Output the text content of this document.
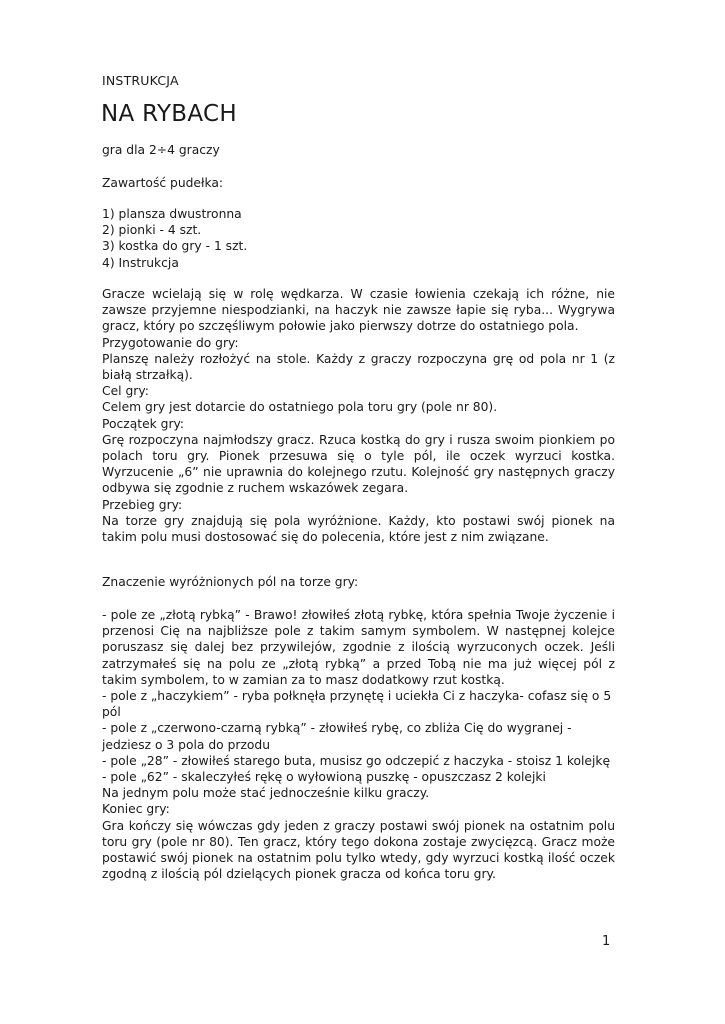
INSTRUKCJA
NA RYBACH
gra dla 2÷4 graczy
Zawartość pudełka:
1) plansza dwustronna
2) pionki - 4 szt.
3) kostka do gry - 1 szt.
4) Instrukcja

Gracze wcielają się w rolę wędkarza. W czasie łowienia czekają ich różne, nie zawsze przyjemne niespodzianki, na haczyk nie zawsze łapie się ryba... Wygrywa gracz, który po szczęśliwym połowie jako pierwszy dotrze do ostatniego pola.

Przygotowanie do gry:

Planszę należy rozłożyć na stole. Każdy z graczy rozpoczyna grę od pola nr 1 (z białą strzałką).

Cel gry:

Celem gry jest dotarcie do ostatniego pola toru gry (pole nr 80).

Początek gry:

Grę rozpoczyna najmłodszy gracz. Rzuca kostką do gry i rusza swoim pionkiem po polach toru gry. Pionek przesuwa się o tyle pól, ile oczek wyrzuci kostka. Wyrzucenie „6” nie uprawnia do kolejnego rzutu. Kolejność gry następnych graczy odbywa się zgodnie z ruchem wskazówek zegara.

Przebieg gry:

Na torze gry znajdują się pola wyróżnione. Każdy, kto postawi swój pionek na takim polu musi dostosować się do polecenia, które jest z nim związane.

Znaczenie wyróżnionych pól na torze gry:

- pole ze „złotą rybką” - Brawo! złowiłeś złotą rybkę, która spełnia Twoje życzenie i przenosi Cię na najbliższe pole z takim samym symbolem. W następnej kolejce poruszasz się dalej bez przywilejów, zgodnie z ilością wyrzuconych oczek. Jeśli zatrzymałeś się na polu ze „złotą rybką” a przed Tobą nie ma już więcej pól z takim symbolem, to w zamian za to masz dodatkowy rzut kostką.

- pole z „haczykiem” - ryba połknęła przynętę i uciekła Ci z haczyka- cofasz się o 5 pól

- pole z „czerwono-czarną rybką” - złowiłeś rybę, co zbliża Cię do wygranej - jedziesz o 3 pola do przodu

- pole „28” - złowiłeś starego buta, musisz go odczepić z haczyka - stoisz 1 kolejkę

- pole „62” - skaleczyłeś rękę o wyłowioną puszkę - opuszczasz 2 kolejki

Na jednym polu może stać jednocześnie kilku graczy.

Koniec gry:

Gra kończy się wówczas gdy jeden z graczy postawi swój pionek na ostatnim polu toru gry (pole nr 80). Ten gracz, który tego dokona zostaje zwycięzcą. Gracz może postawić swój pionek na ostatnim polu tylko wtedy, gdy wyrzuci kostką ilość oczek zgodną z ilością pól dzielących pionek gracza od końca toru gry.

1
